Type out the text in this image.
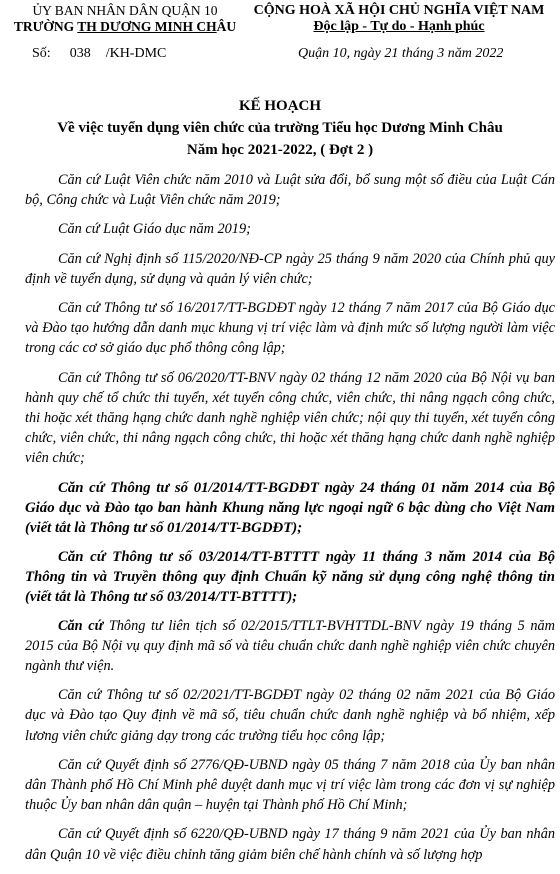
ỦY BAN NHÂN DÂN QUẬN 10
TRƯỜNG TH DƯƠNG MINH CHÂU
CỘNG HOÀ XÃ HỘI CHỦ NGHĨA VIỆT NAM
Độc lập - Tự do - Hạnh phúc
Số: 038 /KH-DMC	Quận 10, ngày 21 tháng 3 năm 2022
KẾ HOẠCH
Về việc tuyển dụng viên chức của trường Tiểu học Dương Minh Châu
Năm học 2021-2022, ( Đợt 2 )

Căn cứ Luật Viên chức năm 2010 và Luật sửa đổi, bổ sung một số điều của Luật Cán bộ, Công chức và Luật Viên chức năm 2019;

Căn cứ Luật Giáo dục năm 2019;

Căn cứ Nghị định số 115/2020/NĐ-CP ngày 25 tháng 9 năm 2020 của Chính phủ quy định về tuyển dụng, sử dụng và quản lý viên chức;

Căn cứ Thông tư số 16/2017/TT-BGDĐT ngày 12 tháng 7 năm 2017 của Bộ Giáo dục và Đào tạo hướng dẫn danh mục khung vị trí việc làm và định mức số lượng người làm việc trong các cơ sở giáo dục phổ thông công lập;

Căn cứ Thông tư số 06/2020/TT-BNV ngày 02 tháng 12 năm 2020 của Bộ Nội vụ ban hành quy chế tổ chức thi tuyển, xét tuyển công chức, viên chức, thi nâng ngạch công chức, thi hoặc xét thăng hạng chức danh nghề nghiệp viên chức; nội quy thi tuyển, xét tuyển công chức, viên chức, thi nâng ngạch công chức, thi hoặc xét thăng hạng chức danh nghề nghiệp viên chức;

Căn cứ Thông tư số 01/2014/TT-BGDĐT ngày 24 tháng 01 năm 2014 của Bộ Giáo dục và Đào tạo ban hành Khung năng lực ngoại ngữ 6 bậc dùng cho Việt Nam (viết tắt là Thông tư số 01/2014/TT-BGDĐT);

Căn cứ Thông tư số 03/2014/TT-BTTTT ngày 11 tháng 3 năm 2014 của Bộ Thông tin và Truyền thông quy định Chuẩn kỹ năng sử dụng công nghệ thông tin (viết tắt là Thông tư số 03/2014/TT-BTTTT);

Căn cứ Thông tư liên tịch số 02/2015/TTLT-BVHTTDL-BNV ngày 19 tháng 5 năm 2015 của Bộ Nội vụ quy định mã số và tiêu chuẩn chức danh nghề nghiệp viên chức chuyên ngành thư viện.

Căn cứ Thông tư số 02/2021/TT-BGDĐT ngày 02 tháng 02 năm 2021 của Bộ Giáo dục và Đào tạo Quy định về mã số, tiêu chuẩn chức danh nghề nghiệp và bổ nhiệm, xếp lương viên chức giảng dạy trong các trường tiểu học công lập;

Căn cứ Quyết định số 2776/QĐ-UBND ngày 05 tháng 7 năm 2018 của Ủy ban nhân dân Thành phố Hồ Chí Minh phê duyệt danh mục vị trí việc làm trong các đơn vị sự nghiệp thuộc Ủy ban nhân dân quận – huyện tại Thành phố Hồ Chí Minh;

Căn cứ Quyết định số 6220/QĐ-UBND ngày 17 tháng 9 năm 2021 của Ủy ban nhân dân Quận 10 về việc điều chỉnh tăng giảm biên chế hành chính và số lượng hợp
